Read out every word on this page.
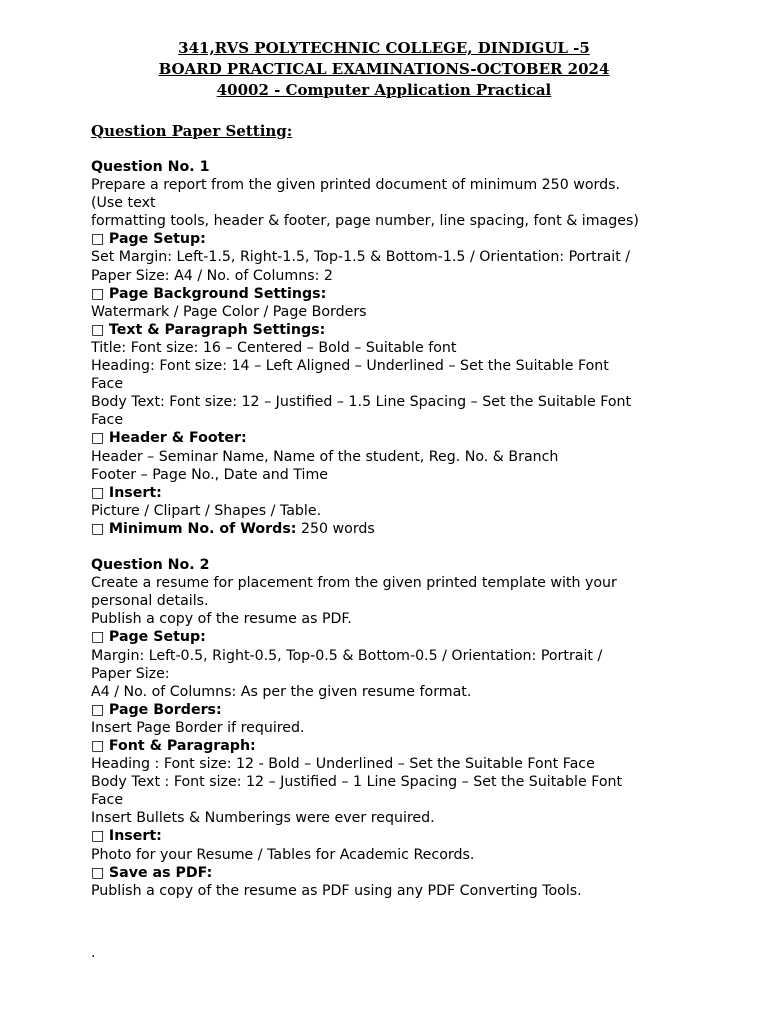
341,RVS POLYTECHNIC COLLEGE, DINDIGUL -5
BOARD PRACTICAL EXAMINATIONS-OCTOBER 2024
40002 - Computer Application Practical
Question Paper Setting:
Question No. 1
Prepare a report from the given printed document of minimum 250 words.
(Use text
formatting tools, header & footer, page number, line spacing, font & images)
□ Page Setup:
Set Margin: Left-1.5, Right-1.5, Top-1.5 & Bottom-1.5 / Orientation: Portrait /
Paper Size: A4 / No. of Columns: 2
□ Page Background Settings:
Watermark / Page Color / Page Borders
□ Text & Paragraph Settings:
Title: Font size: 16 – Centered – Bold – Suitable font
Heading: Font size: 14 – Left Aligned – Underlined – Set the Suitable Font
Face
Body Text: Font size: 12 – Justified – 1.5 Line Spacing – Set the Suitable Font
Face
□ Header & Footer:
Header – Seminar Name, Name of the student, Reg. No. & Branch
Footer – Page No., Date and Time
□ Insert:
Picture / Clipart / Shapes / Table.
□ Minimum No. of Words: 250 words
Question No. 2
Create a resume for placement from the given printed template with your
personal details.
Publish a copy of the resume as PDF.
□ Page Setup:
Margin: Left-0.5, Right-0.5, Top-0.5 & Bottom-0.5 / Orientation: Portrait /
Paper Size:
A4 / No. of Columns: As per the given resume format.
□ Page Borders:
Insert Page Border if required.
□ Font & Paragraph:
Heading : Font size: 12 - Bold – Underlined – Set the Suitable Font Face
Body Text : Font size: 12 – Justified – 1 Line Spacing – Set the Suitable Font
Face
Insert Bullets & Numberings were ever required.
□ Insert:
Photo for your Resume / Tables for Academic Records.
□ Save as PDF:
Publish a copy of the resume as PDF using any PDF Converting Tools.
.
